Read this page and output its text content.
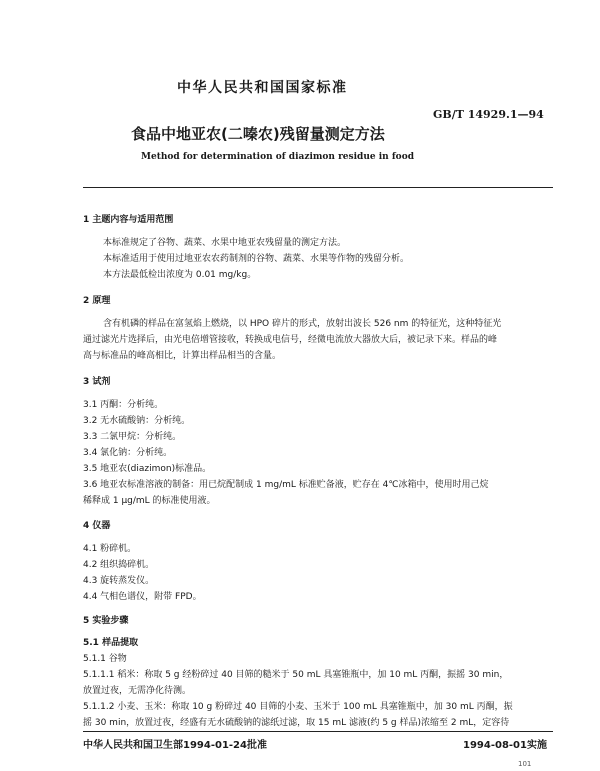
中华人民共和国国家标准
GB/T 14929.1—94
食品中地亚农(二嗪农)残留量测定方法
Method for determination of diazimon residue in food
1 主题内容与适用范围
本标准规定了谷物、蔬菜、水果中地亚农残留量的测定方法。
本标准适用于使用过地亚农农药制剂的谷物、蔬菜、水果等作物的残留分析。
本方法最低检出浓度为 0.01 mg/kg。
2 原理
含有机磷的样品在富氢焰上燃烧，以 HPO 碎片的形式，放射出波长 526 nm 的特征光，这种特征光
通过滤光片选择后，由光电倍增管接收，转换成电信号，经微电流放大器放大后，被记录下来。样品的峰
高与标准品的峰高相比，计算出样品相当的含量。
3 试剂
3.1 丙酮：分析纯。
3.2 无水硫酸钠：分析纯。
3.3 二氯甲烷：分析纯。
3.4 氯化钠：分析纯。
3.5 地亚农(diazimon)标准品。
3.6 地亚农标准溶液的制备：用已烷配制成 1 mg/mL 标准贮备液，贮存在 4℃冰箱中，使用时用己烷
稀释成 1 μg/mL 的标准使用液。
4 仪器
4.1 粉碎机。
4.2 组织捣碎机。
4.3 旋转蒸发仪。
4.4 气相色谱仪，附带 FPD。
5 实验步骤
5.1 样品提取
5.1.1 谷物
5.1.1.1 稻米：称取 5 g 经粉碎过 40 目筛的糙米于 50 mL 具塞锥瓶中，加 10 mL 丙酮，振摇 30 min，
放置过夜，无需净化待测。
5.1.1.2 小麦、玉米：称取 10 g 粉碎过 40 目筛的小麦、玉米于 100 mL 具塞锥瓶中，加 30 mL 丙酮，振
摇 30 min，放置过夜，经盛有无水硫酸钠的滤纸过滤，取 15 mL 滤液(约 5 g 样品)浓缩至 2 mL，定容待
中华人民共和国卫生部1994-01-24批准	1994-08-01实施
101
